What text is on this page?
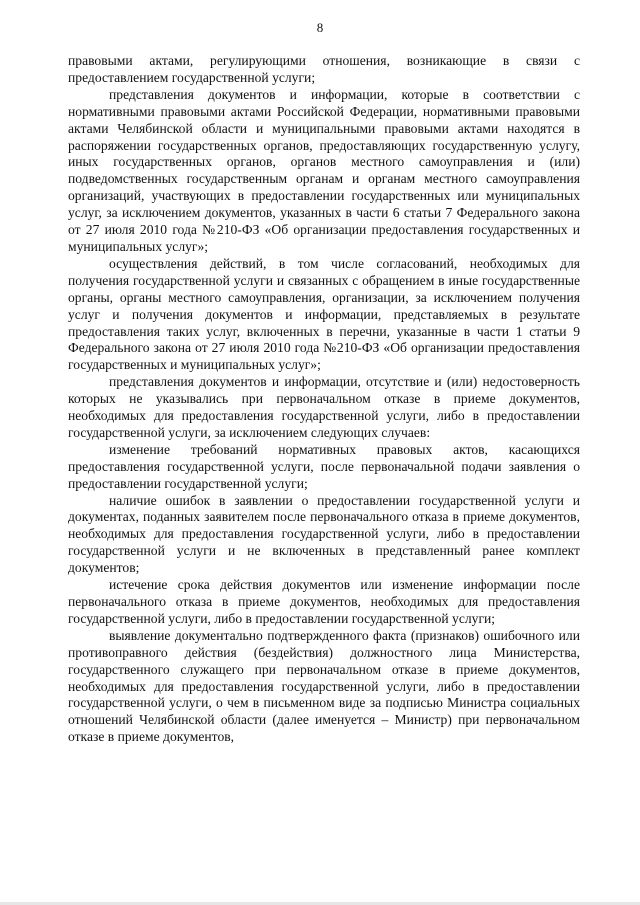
8

правовыми актами, регулирующими отношения, возникающие в связи с предоставлением государственной услуги;

представления документов и информации, которые в соответствии с нормативными правовыми актами Российской Федерации, нормативными правовыми актами Челябинской области и муниципальными правовыми актами находятся в распоряжении государственных органов, предоставляющих государственную услугу, иных государственных органов, органов местного самоуправления и (или) подведомственных государственным органам и органам местного самоуправления организаций, участвующих в предоставлении государственных или муниципальных услуг, за исключением документов, указанных в части 6 статьи 7 Федерального закона от 27 июля 2010 года №210-ФЗ «Об организации предоставления государственных и муниципальных услуг»;

осуществления действий, в том числе согласований, необходимых для получения государственной услуги и связанных с обращением в иные государственные органы, органы местного самоуправления, организации, за исключением получения услуг и получения документов и информации, представляемых в результате предоставления таких услуг, включенных в перечни, указанные в части 1 статьи 9 Федерального закона от 27 июля 2010 года №210-ФЗ «Об организации предоставления государственных и муниципальных услуг»;

представления документов и информации, отсутствие и (или) недостоверность которых не указывались при первоначальном отказе в приеме документов, необходимых для предоставления государственной услуги, либо в предоставлении государственной услуги, за исключением следующих случаев:

изменение требований нормативных правовых актов, касающихся предоставления государственной услуги, после первоначальной подачи заявления о предоставлении государственной услуги;

наличие ошибок в заявлении о предоставлении государственной услуги и документах, поданных заявителем после первоначального отказа в приеме документов, необходимых для предоставления государственной услуги, либо в предоставлении государственной услуги и не включенных в представленный ранее комплект документов;

истечение срока действия документов или изменение информации после первоначального отказа в приеме документов, необходимых для предоставления государственной услуги, либо в предоставлении государственной услуги;

выявление документально подтвержденного факта (признаков) ошибочного или противоправного действия (бездействия) должностного лица Министерства, государственного служащего при первоначальном отказе в приеме документов, необходимых для предоставления государственной услуги, либо в предоставлении государственной услуги, о чем в письменном виде за подписью Министра социальных отношений Челябинской области (далее именуется – Министр) при первоначальном отказе в приеме документов,
